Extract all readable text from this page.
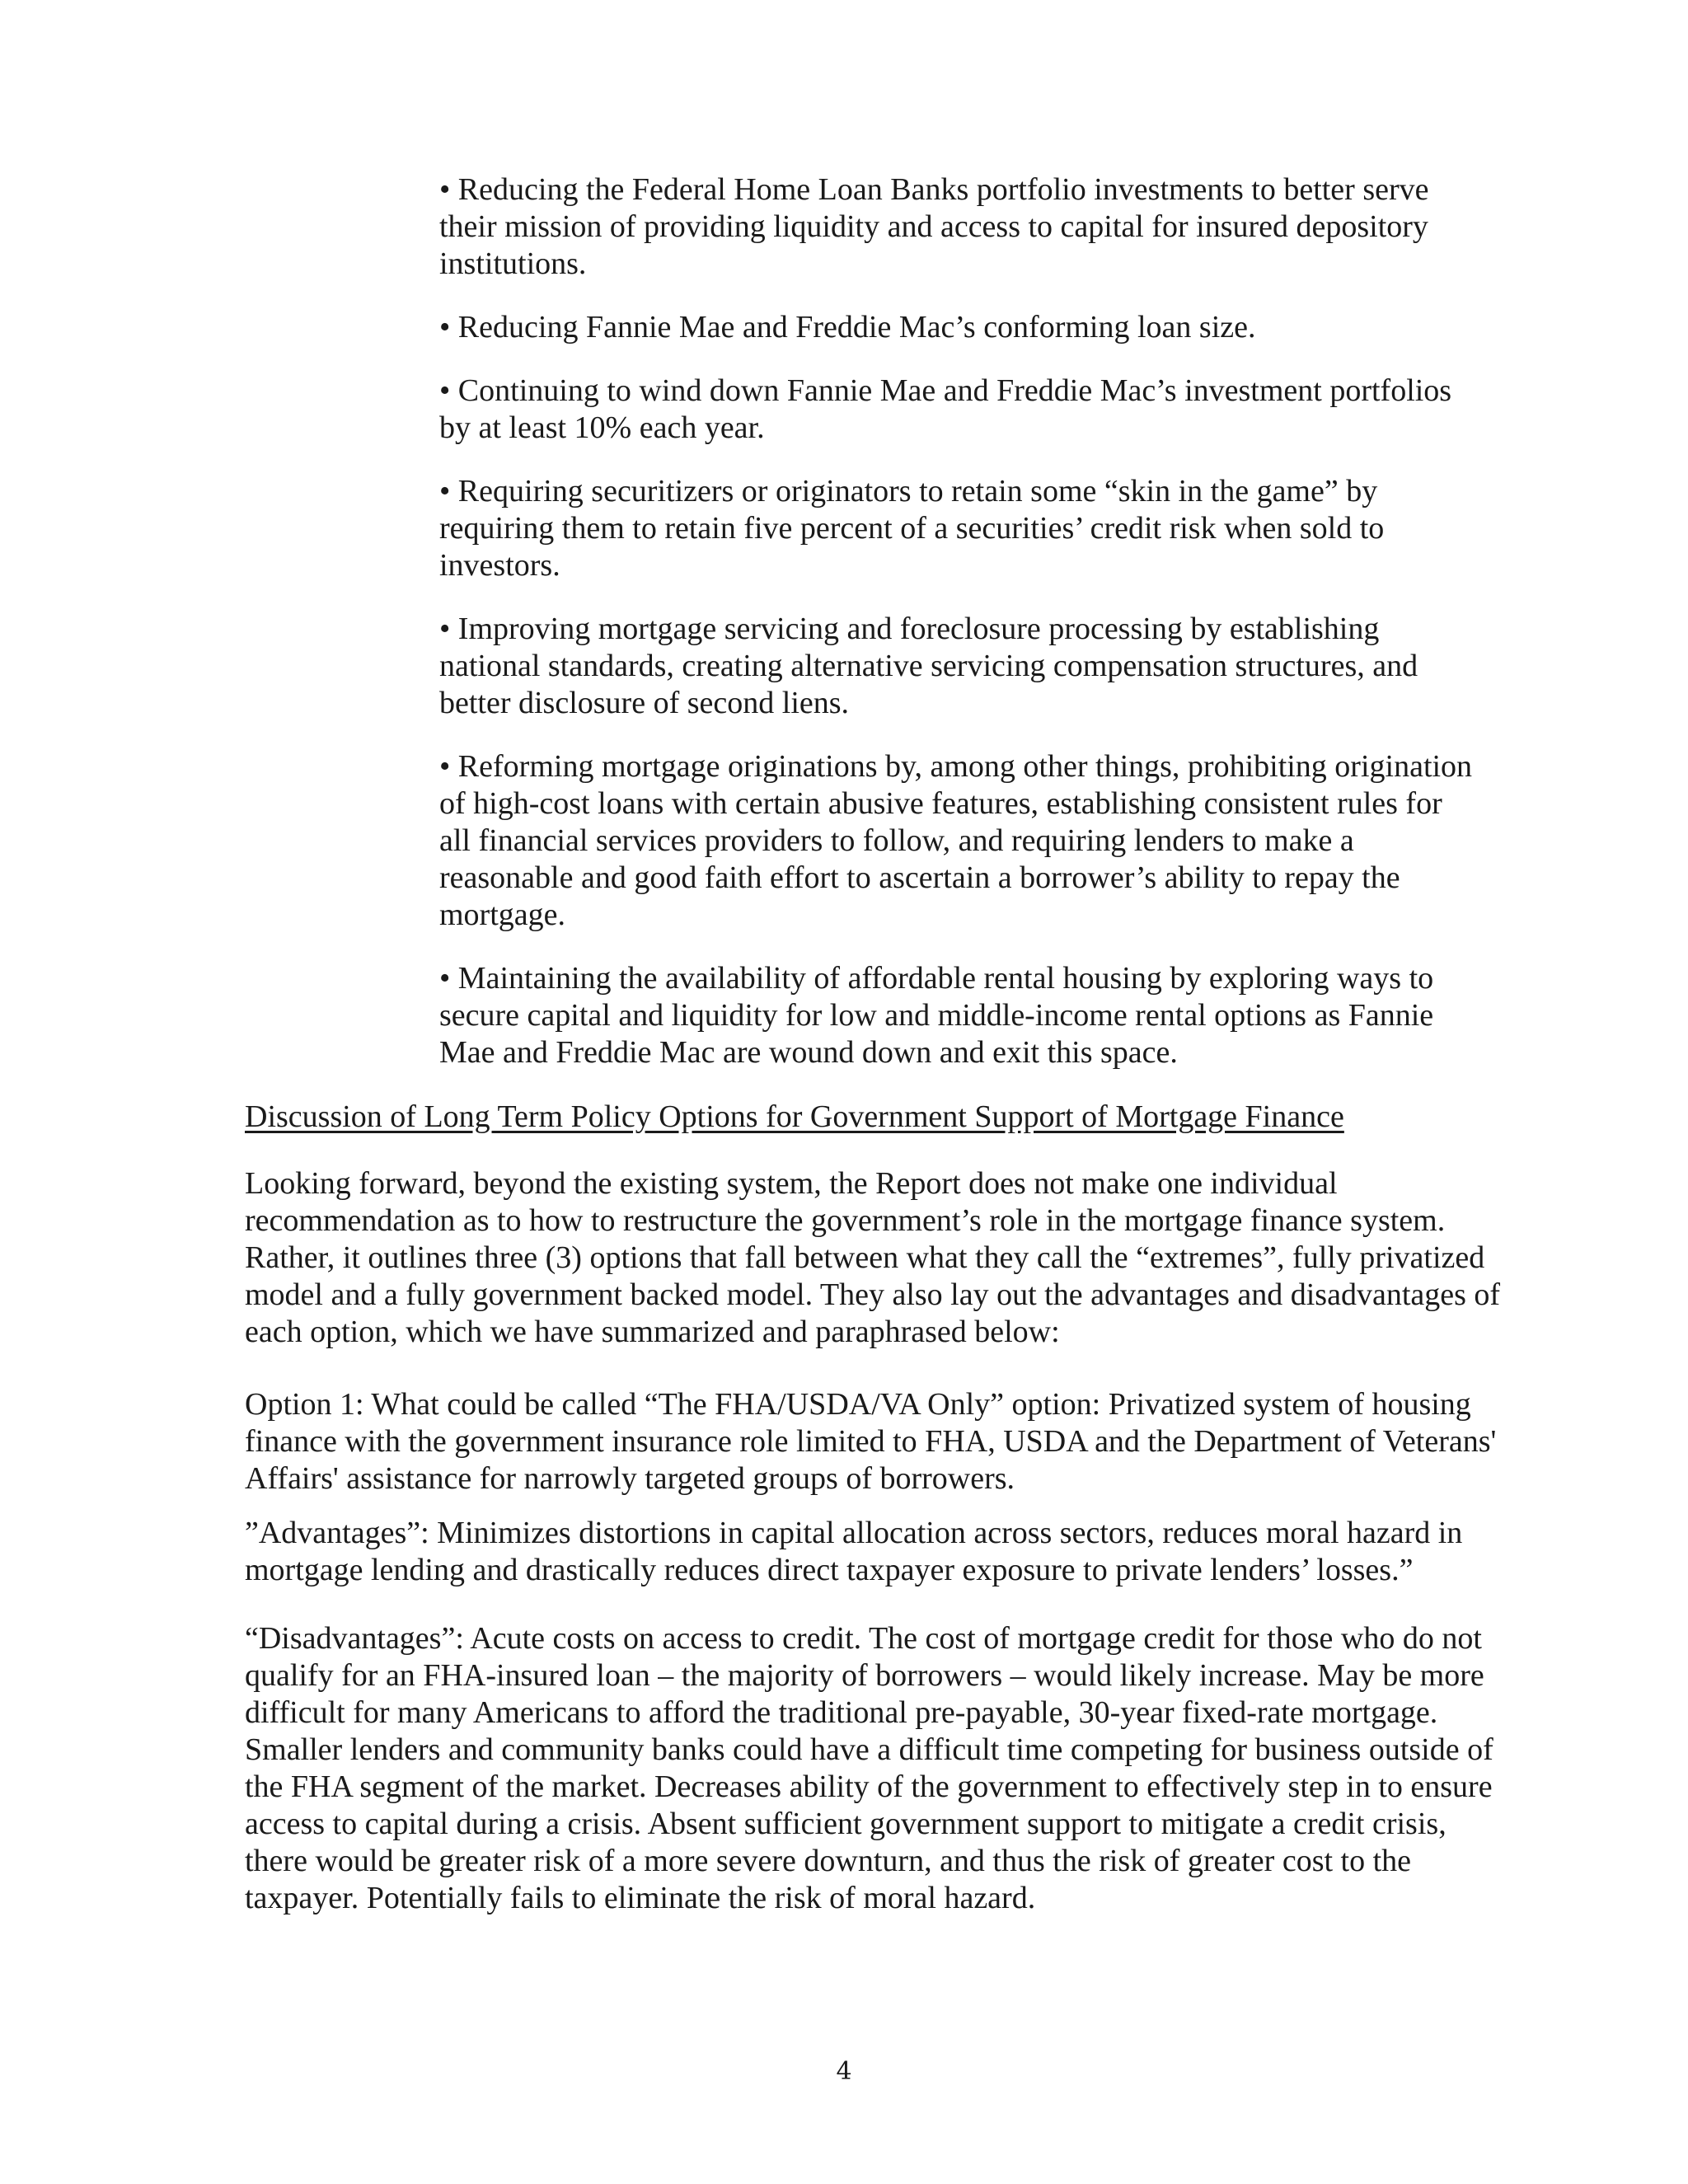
• Reducing the Federal Home Loan Banks portfolio investments to better serve their mission of providing liquidity and access to capital for insured depository institutions.

• Reducing Fannie Mae and Freddie Mac’s conforming loan size.

• Continuing to wind down Fannie Mae and Freddie Mac’s investment portfolios by at least 10% each year.

• Requiring securitizers or originators to retain some “skin in the game” by requiring them to retain five percent of a securities’ credit risk when sold to investors.

• Improving mortgage servicing and foreclosure processing by establishing national standards, creating alternative servicing compensation structures, and better disclosure of second liens.

• Reforming mortgage originations by, among other things, prohibiting origination of high-cost loans with certain abusive features, establishing consistent rules for all financial services providers to follow, and requiring lenders to make a reasonable and good faith effort to ascertain a borrower’s ability to repay the mortgage.

• Maintaining the availability of affordable rental housing by exploring ways to secure capital and liquidity for low and middle-income rental options as Fannie Mae and Freddie Mac are wound down and exit this space.

Discussion of Long Term Policy Options for Government Support of Mortgage Finance

Looking forward, beyond the existing system, the Report does not make one individual recommendation as to how to restructure the government’s role in the mortgage finance system. Rather, it outlines three (3) options that fall between what they call the “extremes”, fully privatized model and a fully government backed model. They also lay out the advantages and disadvantages of each option, which we have summarized and paraphrased below:

Option 1: What could be called “The FHA/USDA/VA Only” option: Privatized system of housing finance with the government insurance role limited to FHA, USDA and the Department of Veterans' Affairs' assistance for narrowly targeted groups of borrowers.

”Advantages”: Minimizes distortions in capital allocation across sectors, reduces moral hazard in mortgage lending and drastically reduces direct taxpayer exposure to private lenders’ losses.”

“Disadvantages”: Acute costs on access to credit. The cost of mortgage credit for those who do not qualify for an FHA-insured loan – the majority of borrowers – would likely increase. May be more difficult for many Americans to afford the traditional pre-payable, 30-year fixed-rate mortgage. Smaller lenders and community banks could have a difficult time competing for business outside of the FHA segment of the market. Decreases ability of the government to effectively step in to ensure access to capital during a crisis. Absent sufficient government support to mitigate a credit crisis, there would be greater risk of a more severe downturn, and thus the risk of greater cost to the taxpayer. Potentially fails to eliminate the risk of moral hazard.

4
